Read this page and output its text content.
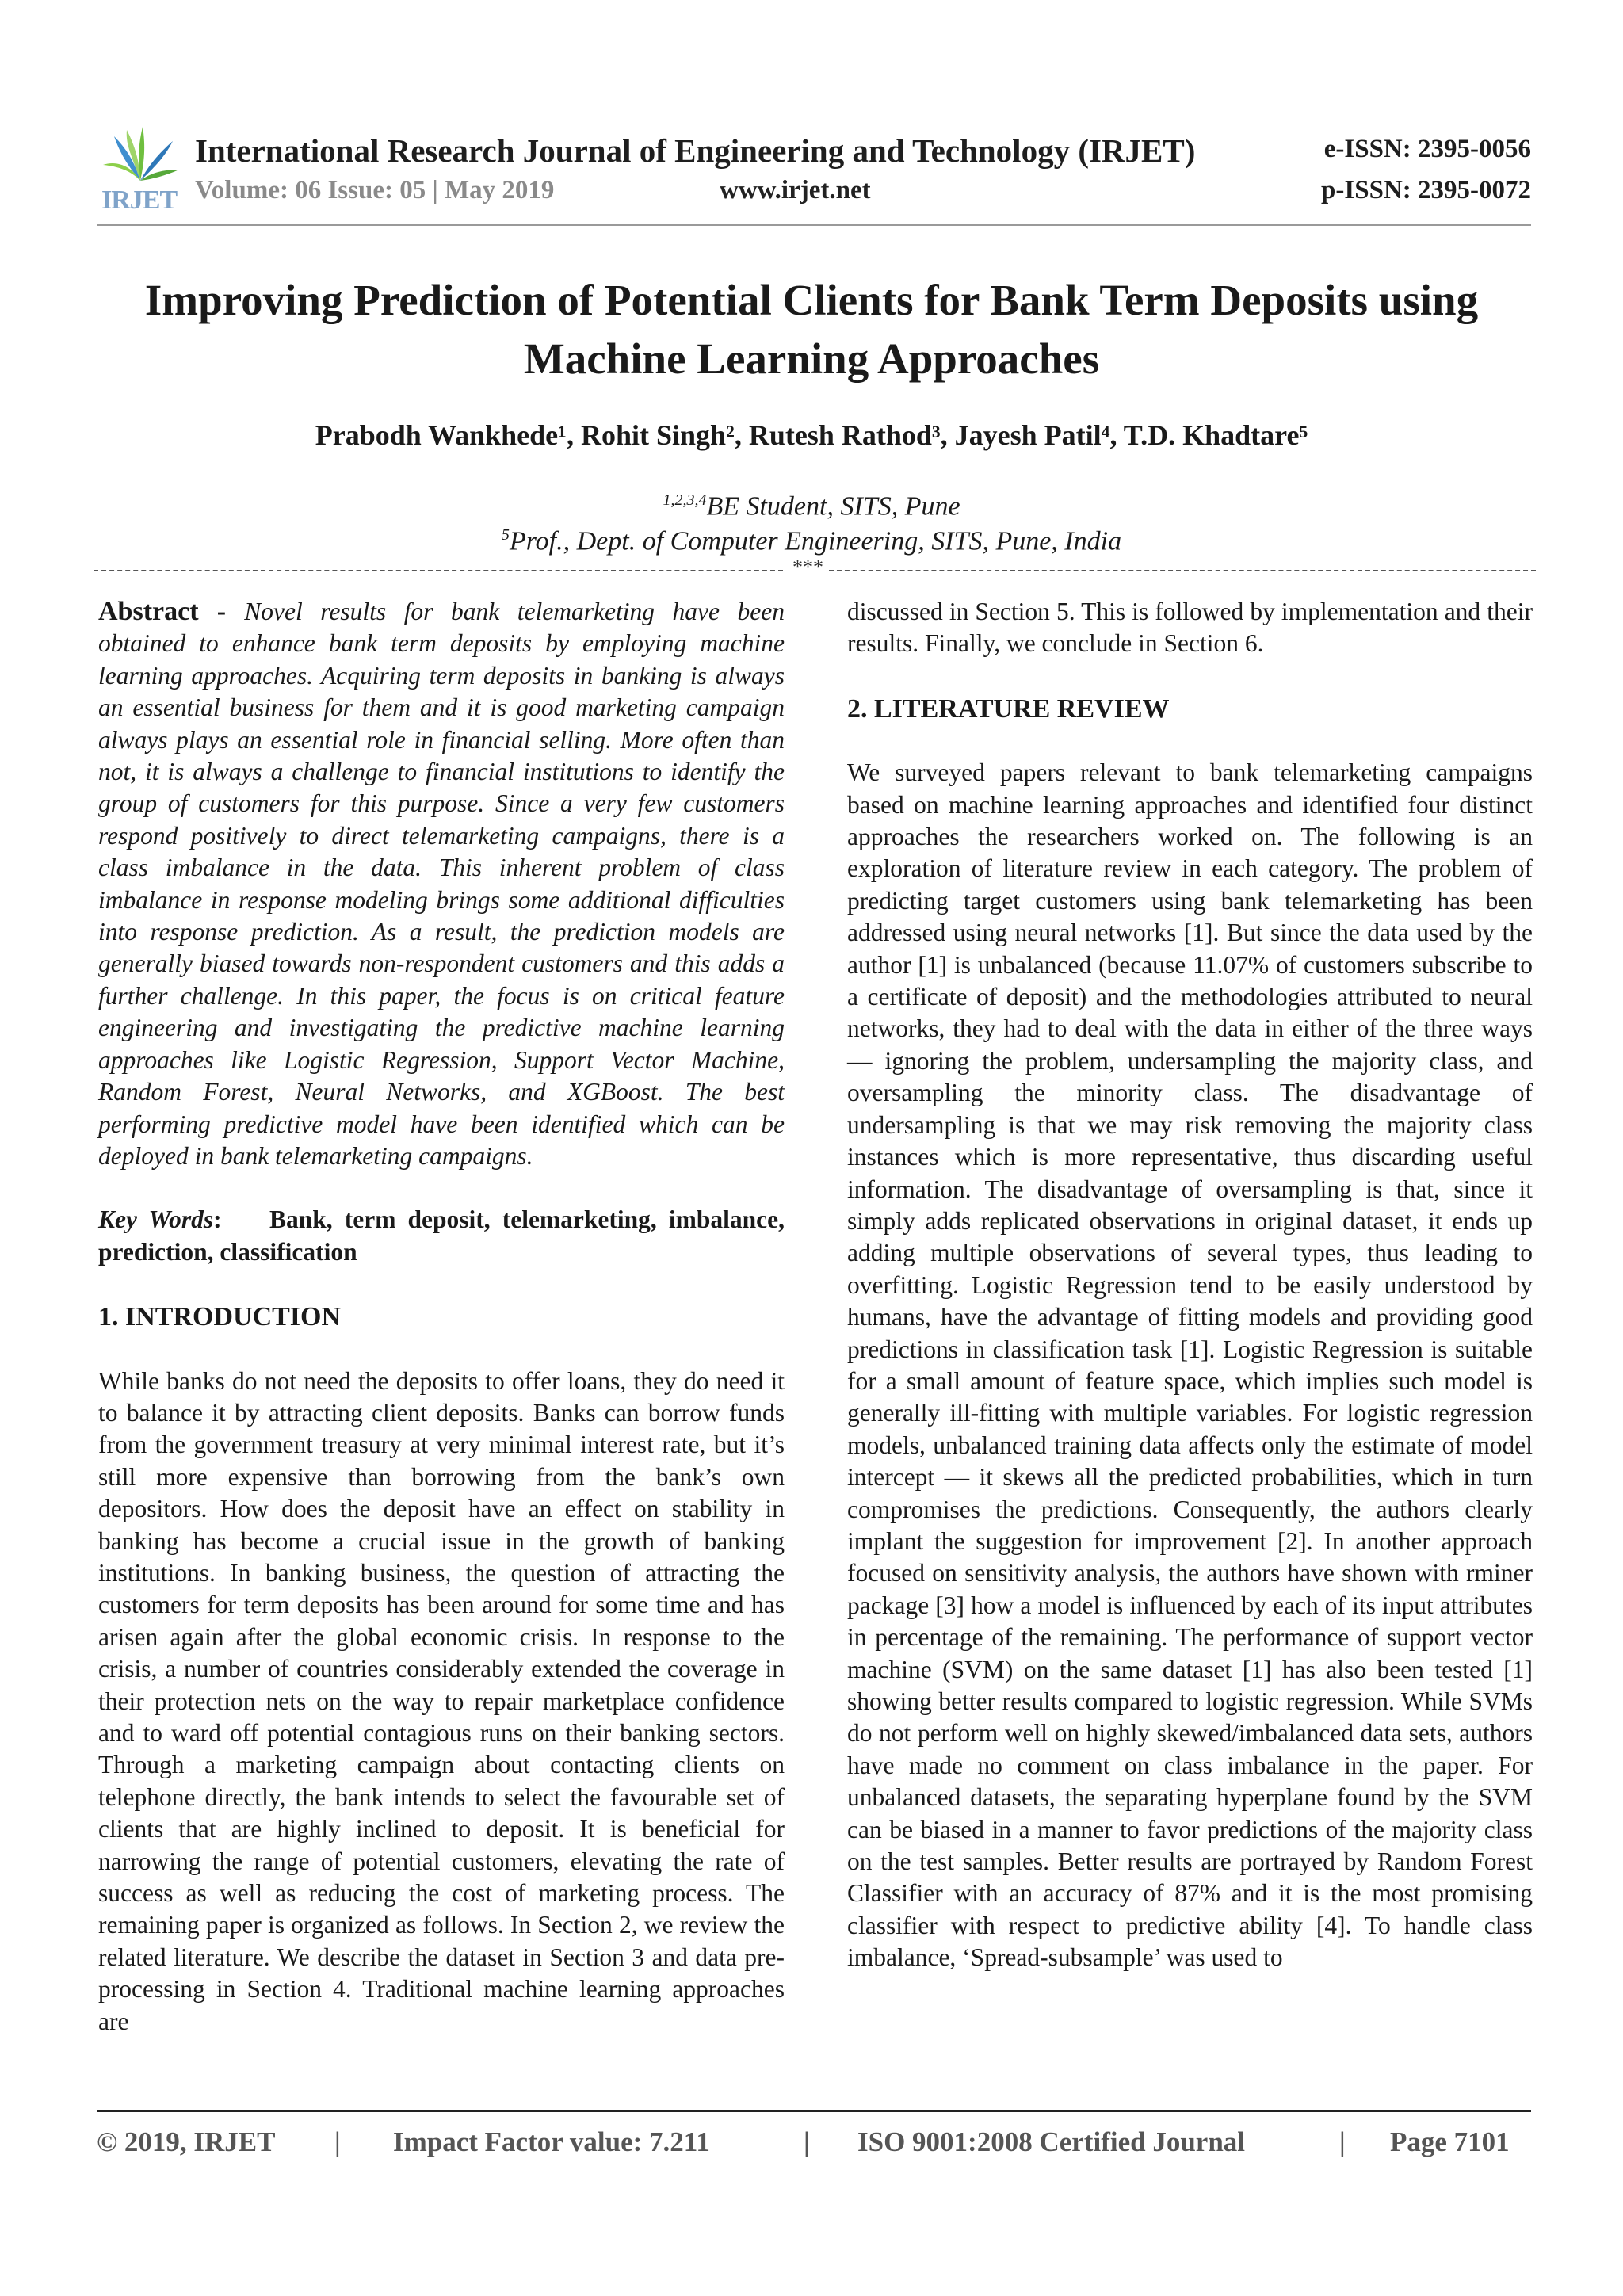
IRJET
International Research Journal of Engineering and Technology (IRJET)
Volume: 06 Issue: 05 | May 2019	www.irjet.net
e-ISSN: 2395-0056
p-ISSN: 2395-0072
Improving Prediction of Potential Clients for Bank Term Deposits using Machine Learning Approaches
Prabodh Wankhede¹, Rohit Singh², Rutesh Rathod³, Jayesh Patil⁴, T.D. Khadtare⁵
$^{1,2,3,4}$BE Student, SITS, Pune
$^5$Prof., Dept. of Computer Engineering, SITS, Pune, India
***

Abstract - Novel results for bank telemarketing have been obtained to enhance bank term deposits by employing machine learning approaches. Acquiring term deposits in banking is always an essential business for them and it is good marketing campaign always plays an essential role in financial selling. More often than not, it is always a challenge to financial institutions to identify the group of customers for this purpose. Since a very few customers respond positively to direct telemarketing campaigns, there is a class imbalance in the data. This inherent problem of class imbalance in response modeling brings some additional difficulties into response prediction. As a result, the prediction models are generally biased towards non-respondent customers and this adds a further challenge. In this paper, the focus is on critical feature engineering and investigating the predictive machine learning approaches like Logistic Regression, Support Vector Machine, Random Forest, Neural Networks, and XGBoost. The best performing predictive model have been identified which can be deployed in bank telemarketing campaigns.

Key Words:    Bank, term deposit, telemarketing, imbalance, prediction, classification

1. INTRODUCTION

While banks do not need the deposits to offer loans, they do need it to balance it by attracting client deposits. Banks can borrow funds from the government treasury at very minimal interest rate, but it’s still more expensive than borrowing from the bank’s own depositors. How does the deposit have an effect on stability in banking has become a crucial issue in the growth of banking institutions. In banking business, the question of attracting the customers for term deposits has been around for some time and has arisen again after the global economic crisis. In response to the crisis, a number of countries considerably extended the coverage in their protection nets on the way to repair marketplace confidence and to ward off potential contagious runs on their banking sectors. Through a marketing campaign about contacting clients on telephone directly, the bank intends to select the favourable set of clients that are highly inclined to deposit. It is beneficial for narrowing the range of potential customers, elevating the rate of success as well as reducing the cost of marketing process. The remaining paper is organized as follows. In Section 2, we review the related literature. We describe the dataset in Section 3 and data pre-processing in Section 4. Traditional machine learning approaches are

discussed in Section 5. This is followed by implementation and their results. Finally, we conclude in Section 6.

2. LITERATURE REVIEW

We surveyed papers relevant to bank telemarketing campaigns based on machine learning approaches and identified four distinct approaches the researchers worked on. The following is an exploration of literature review in each category. The problem of predicting target customers using bank telemarketing has been addressed using neural networks [1]. But since the data used by the author [1] is unbalanced (because 11.07% of customers subscribe to a certificate of deposit) and the methodologies attributed to neural networks, they had to deal with the data in either of the three ways — ignoring the problem, undersampling the majority class, and oversampling the minority class. The disadvantage of undersampling is that we may risk removing the majority class instances which is more representative, thus discarding useful information. The disadvantage of oversampling is that, since it simply adds replicated observations in original dataset, it ends up adding multiple observations of several types, thus leading to overfitting. Logistic Regression tend to be easily understood by humans, have the advantage of fitting models and providing good predictions in classification task [1]. Logistic Regression is suitable for a small amount of feature space, which implies such model is generally ill-fitting with multiple variables. For logistic regression models, unbalanced training data affects only the estimate of model intercept — it skews all the predicted probabilities, which in turn compromises the predictions. Consequently, the authors clearly implant the suggestion for improvement [2]. In another approach focused on sensitivity analysis, the authors have shown with rminer package [3] how a model is influenced by each of its input attributes in percentage of the remaining. The performance of support vector machine (SVM) on the same dataset [1] has also been tested [1] showing better results compared to logistic regression. While SVMs do not perform well on highly skewed/imbalanced data sets, authors have made no comment on class imbalance in the paper. For unbalanced datasets, the separating hyperplane found by the SVM can be biased in a manner to favor predictions of the majority class on the test samples. Better results are portrayed by Random Forest Classifier with an accuracy of 87% and it is the most promising classifier with respect to predictive ability [4]. To handle class imbalance, ‘Spread-subsample’ was used to

© 2019, IRJET | Impact Factor value: 7.211	| ISO 9001:2008 Certified Journal	| Page 7101
